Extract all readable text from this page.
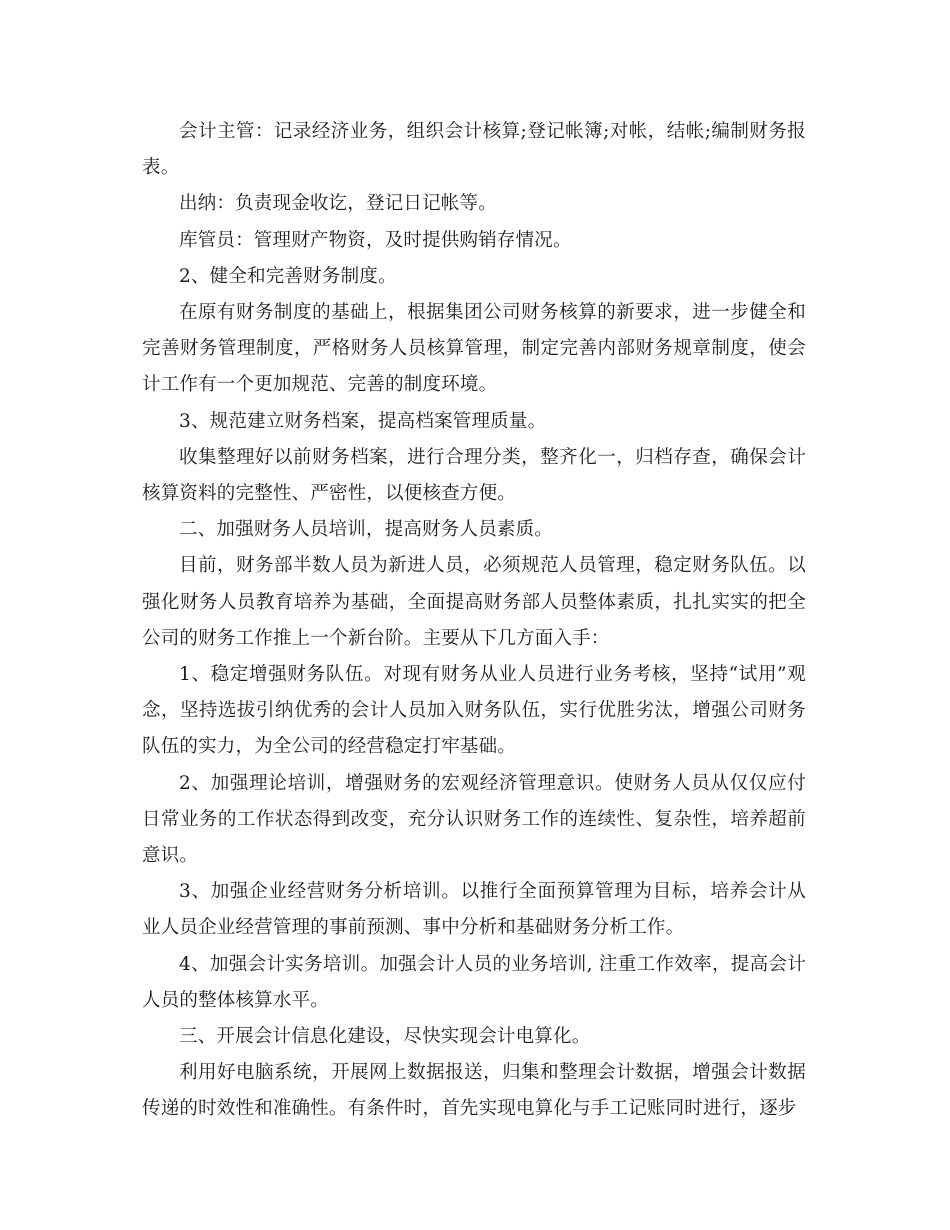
会计主管：记录经济业务，组织会计核算;登记帐簿;对帐，结帐;编制财务报表。

出纳：负责现金收讫，登记日记帐等。

库管员：管理财产物资，及时提供购销存情况。

2、健全和完善财务制度。

在原有财务制度的基础上，根据集团公司财务核算的新要求，进一步健全和完善财务管理制度，严格财务人员核算管理，制定完善内部财务规章制度，使会计工作有一个更加规范、完善的制度环境。

3、规范建立财务档案，提高档案管理质量。

收集整理好以前财务档案，进行合理分类，整齐化一，归档存查，确保会计核算资料的完整性、严密性，以便核查方便。

二、加强财务人员培训，提高财务人员素质。

目前，财务部半数人员为新进人员，必须规范人员管理，稳定财务队伍。以强化财务人员教育培养为基础，全面提高财务部人员整体素质，扎扎实实的把全公司的财务工作推上一个新台阶。主要从下几方面入手：

1、稳定增强财务队伍。对现有财务从业人员进行业务考核，坚持“试用”观念，坚持选拔引纳优秀的会计人员加入财务队伍，实行优胜劣汰，增强公司财务队伍的实力，为全公司的经营稳定打牢基础。

2、加强理论培训，增强财务的宏观经济管理意识。使财务人员从仅仅应付日常业务的工作状态得到改变，充分认识财务工作的连续性、复杂性，培养超前意识。

3、加强企业经营财务分析培训。以推行全面预算管理为目标，培养会计从业人员企业经营管理的事前预测、事中分析和基础财务分析工作。

4、加强会计实务培训。加强会计人员的业务培训, 注重工作效率，提高会计人员的整体核算水平。

三、开展会计信息化建设，尽快实现会计电算化。

利用好电脑系统，开展网上数据报送，归集和整理会计数据，增强会计数据传递的时效性和准确性。有条件时，首先实现电算化与手工记账同时进行，逐步
